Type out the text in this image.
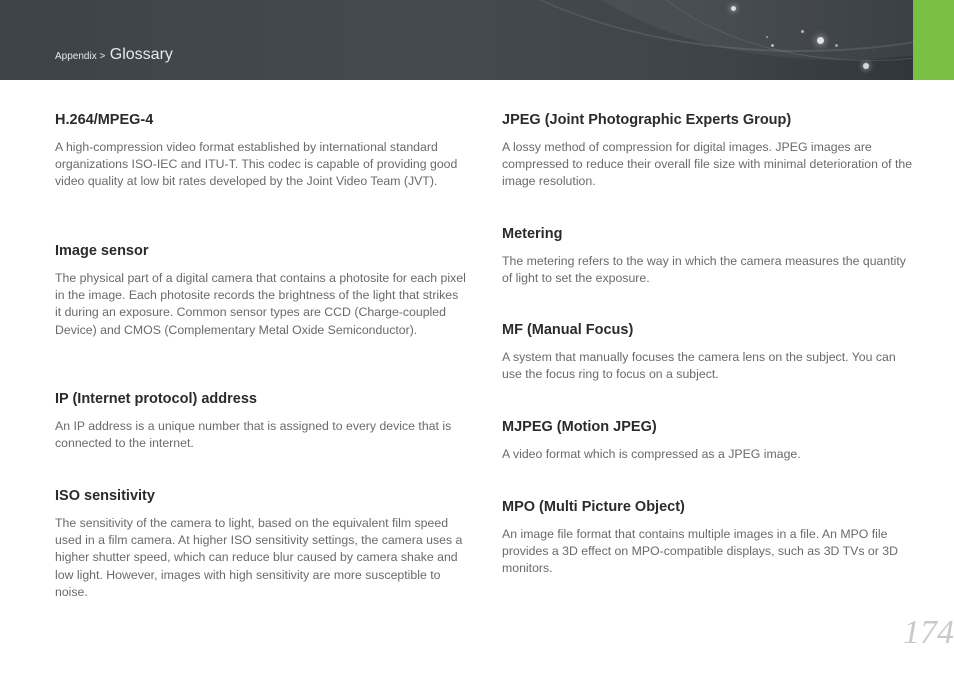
Appendix > Glossary
H.264/MPEG-4

A high-compression video format established by international standard organizations ISO-IEC and ITU-T. This codec is capable of providing good video quality at low bit rates developed by the Joint Video Team (JVT).

Image sensor

The physical part of a digital camera that contains a photosite for each pixel in the image. Each photosite records the brightness of the light that strikes it during an exposure. Common sensor types are CCD (Charge-coupled Device) and CMOS (Complementary Metal Oxide Semiconductor).

IP (Internet protocol) address

An IP address is a unique number that is assigned to every device that is connected to the internet.

ISO sensitivity

The sensitivity of the camera to light, based on the equivalent film speed used in a film camera. At higher ISO sensitivity settings, the camera uses a higher shutter speed, which can reduce blur caused by camera shake and low light. However, images with high sensitivity are more susceptible to noise.

JPEG (Joint Photographic Experts Group)

A lossy method of compression for digital images. JPEG images are compressed to reduce their overall file size with minimal deterioration of the image resolution.

Metering

The metering refers to the way in which the camera measures the quantity of light to set the exposure.

MF (Manual Focus)

A system that manually focuses the camera lens on the subject. You can use the focus ring to focus on a subject.

MJPEG (Motion JPEG)

A video format which is compressed as a JPEG image.

MPO (Multi Picture Object)

An image file format that contains multiple images in a file. An MPO file provides a 3D effect on MPO-compatible displays, such as 3D TVs or 3D monitors.

174
